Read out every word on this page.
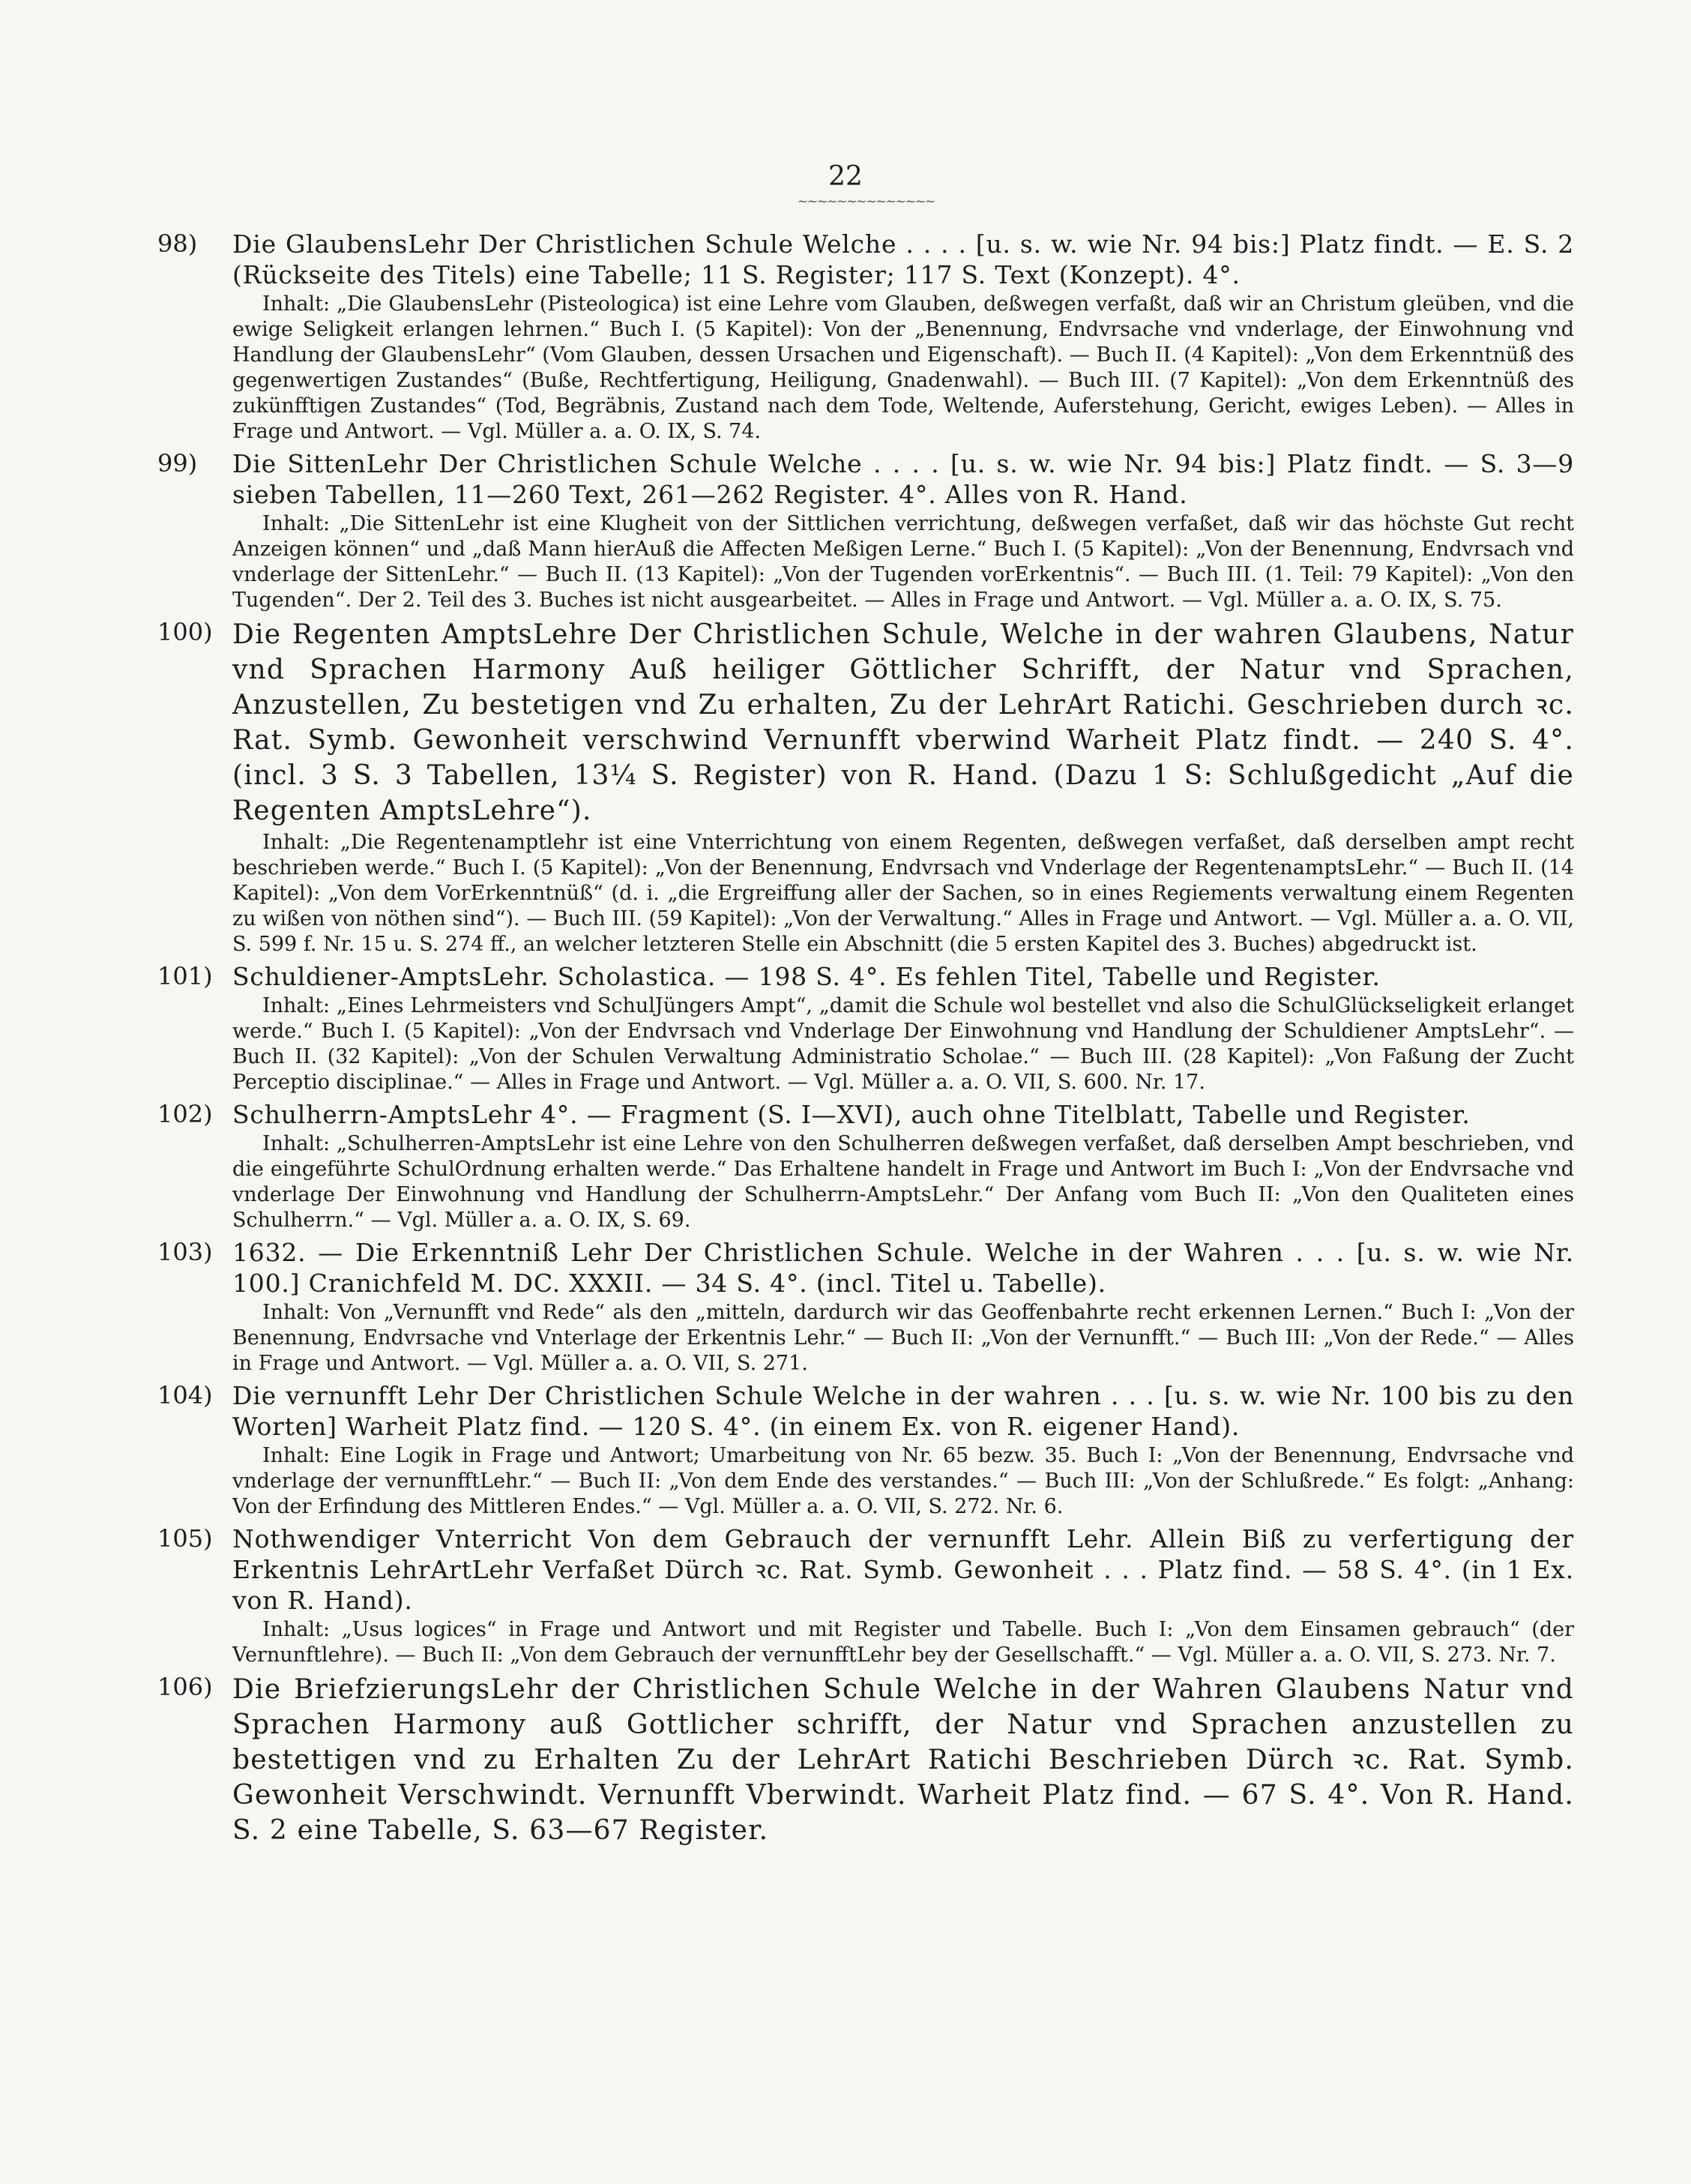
22
~~~~~~~~~~~~~~
98)	Die GlaubensLehr Der Christlichen Schule Welche . . . . [u. s. w. wie Nr. 94 bis:] Platz findt. — E. S. 2 (Rückseite des Titels) eine Tabelle; 11 S. Register; 117 S. Text (Konzept). 4°.
Inhalt: „Die GlaubensLehr (Pisteologica) ist eine Lehre vom Glauben, deßwegen verfaßt, daß wir an Christum gleüben, vnd die ewige Seligkeit erlangen lehrnen.“ Buch I. (5 Kapitel): Von der „Benennung, Endvrsache vnd vnderlage, der Einwohnung vnd Handlung der GlaubensLehr“ (Vom Glauben, dessen Ursachen und Eigenschaft). — Buch II. (4 Kapitel): „Von dem Erkenntnüß des gegenwertigen Zustandes“ (Buße, Rechtfertigung, Heiligung, Gnadenwahl). — Buch III. (7 Kapitel): „Von dem Erkenntnüß des zukünfftigen Zustandes“ (Tod, Begräbnis, Zustand nach dem Tode, Weltende, Auferstehung, Gericht, ewiges Leben). — Alles in Frage und Antwort. — Vgl. Müller a. a. O. IX, S. 74.
99)	Die SittenLehr Der Christlichen Schule Welche . . . . [u. s. w. wie Nr. 94 bis:] Platz findt. — S. 3—9 sieben Tabellen, 11—260 Text, 261—262 Register. 4°. Alles von R. Hand.
Inhalt: „Die SittenLehr ist eine Klugheit von der Sittlichen verrichtung, deßwegen verfaßet, daß wir das höchste Gut recht Anzeigen können“ und „daß Mann hierAuß die Affecten Meßigen Lerne.“ Buch I. (5 Kapitel): „Von der Benennung, Endvrsach vnd vnderlage der SittenLehr.“ — Buch II. (13 Kapitel): „Von der Tugenden vorErkentnis“. — Buch III. (1. Teil: 79 Kapitel): „Von den Tugenden“. Der 2. Teil des 3. Buches ist nicht ausgearbeitet. — Alles in Frage und Antwort. — Vgl. Müller a. a. O. IX, S. 75.
100) Die Regenten AmptsLehre Der Christlichen Schule, Welche in der wahren Glaubens, Natur vnd Sprachen Harmony Auß heiliger Göttlicher Schrifft, der Natur vnd Sprachen, Anzustellen, Zu bestetigen vnd Zu erhalten, Zu der LehrArt Ratichi. Geschrieben durch ꝛc. Rat. Symb. Gewonheit verschwind Vernunfft vberwind Warheit Platz findt. — 240 S. 4°. (incl. 3 S. 3 Tabellen, 13¼ S. Register) von R. Hand. (Dazu 1 S: Schlußgedicht „Auf die Regenten AmptsLehre“).
Inhalt: „Die Regentenamptlehr ist eine Vnterrichtung von einem Regenten, deßwegen verfaßet, daß derselben ampt recht beschrieben werde.“ Buch I. (5 Kapitel): „Von der Benennung, Endvrsach vnd Vnderlage der RegentenamptsLehr.“ — Buch II. (14 Kapitel): „Von dem VorErkenntnüß“ (d. i. „die Ergreiffung aller der Sachen, so in eines Regiements verwaltung einem Regenten zu wißen von nöthen sind“). — Buch III. (59 Kapitel): „Von der Verwaltung.“ Alles in Frage und Antwort. — Vgl. Müller a. a. O. VII, S. 599 f. Nr. 15 u. S. 274 ff., an welcher letzteren Stelle ein Abschnitt (die 5 ersten Kapitel des 3. Buches) abgedruckt ist.
101) Schuldiener-AmptsLehr. Scholastica. — 198 S. 4°. Es fehlen Titel, Tabelle und Register.
Inhalt: „Eines Lehrmeisters vnd SchulJüngers Ampt“, „damit die Schule wol bestellet vnd also die SchulGlückseligkeit erlanget werde.“ Buch I. (5 Kapitel): „Von der Endvrsach vnd Vnderlage Der Einwohnung vnd Handlung der Schuldiener AmptsLehr“. — Buch II. (32 Kapitel): „Von der Schulen Verwaltung Administratio Scholae.“ — Buch III. (28 Kapitel): „Von Faßung der Zucht Perceptio disciplinae.“ — Alles in Frage und Antwort. — Vgl. Müller a. a. O. VII, S. 600. Nr. 17.
102) Schulherrn-AmptsLehr 4°. — Fragment (S. I—XVI), auch ohne Titelblatt, Tabelle und Register.
Inhalt: „Schulherren-AmptsLehr ist eine Lehre von den Schulherren deßwegen verfaßet, daß derselben Ampt beschrieben, vnd die eingeführte SchulOrdnung erhalten werde.“ Das Erhaltene handelt in Frage und Antwort im Buch I: „Von der Endvrsache vnd vnderlage Der Einwohnung vnd Handlung der Schulherrn-AmptsLehr.“ Der Anfang vom Buch II: „Von den Qualiteten eines Schulherrn.“ — Vgl. Müller a. a. O. IX, S. 69.
103) 1632. — Die Erkenntniß Lehr Der Christlichen Schule. Welche in der Wahren . . . [u. s. w. wie Nr. 100.] Cranichfeld M. DC. XXXII. — 34 S. 4°. (incl. Titel u. Tabelle).
Inhalt: Von „Vernunfft vnd Rede“ als den „mitteln, dardurch wir das Geoffenbahrte recht erkennen Lernen.“ Buch I: „Von der Benennung, Endvrsache vnd Vnterlage der Erkentnis Lehr.“ — Buch II: „Von der Vernunfft.“ — Buch III: „Von der Rede.“ — Alles in Frage und Antwort. — Vgl. Müller a. a. O. VII, S. 271.
104) Die vernunfft Lehr Der Christlichen Schule Welche in der wahren . . . [u. s. w. wie Nr. 100 bis zu den Worten] Warheit Platz find. — 120 S. 4°. (in einem Ex. von R. eigener Hand).
Inhalt: Eine Logik in Frage und Antwort; Umarbeitung von Nr. 65 bezw. 35. Buch I: „Von der Benennung, Endvrsache vnd vnderlage der vernunfftLehr.“ — Buch II: „Von dem Ende des verstandes.“ — Buch III: „Von der Schlußrede.“ Es folgt: „Anhang: Von der Erfindung des Mittleren Endes.“ — Vgl. Müller a. a. O. VII, S. 272. Nr. 6.
105) Nothwendiger Vnterricht Von dem Gebrauch der vernunfft Lehr. Allein Biß zu verfertigung der Erkentnis LehrArtLehr Verfaßet Dürch ꝛc. Rat. Symb. Gewonheit . . . Platz find. — 58 S. 4°. (in 1 Ex. von R. Hand).
Inhalt: „Usus logices“ in Frage und Antwort und mit Register und Tabelle. Buch I: „Von dem Einsamen gebrauch“ (der Vernunftlehre). — Buch II: „Von dem Gebrauch der vernunfftLehr bey der Gesellschafft.“ — Vgl. Müller a. a. O. VII, S. 273. Nr. 7.
106) Die BriefzierungsLehr der Christlichen Schule Welche in der Wahren Glaubens Natur vnd Sprachen Harmony auß Gottlicher schrifft, der Natur vnd Sprachen anzustellen zu bestettigen vnd zu Erhalten Zu der LehrArt Ratichi Beschrieben Dürch ꝛc. Rat. Symb. Gewonheit Verschwindt. Vernunfft Vberwindt. Warheit Platz find. — 67 S. 4°. Von R. Hand. S. 2 eine Tabelle, S. 63—67 Register.
